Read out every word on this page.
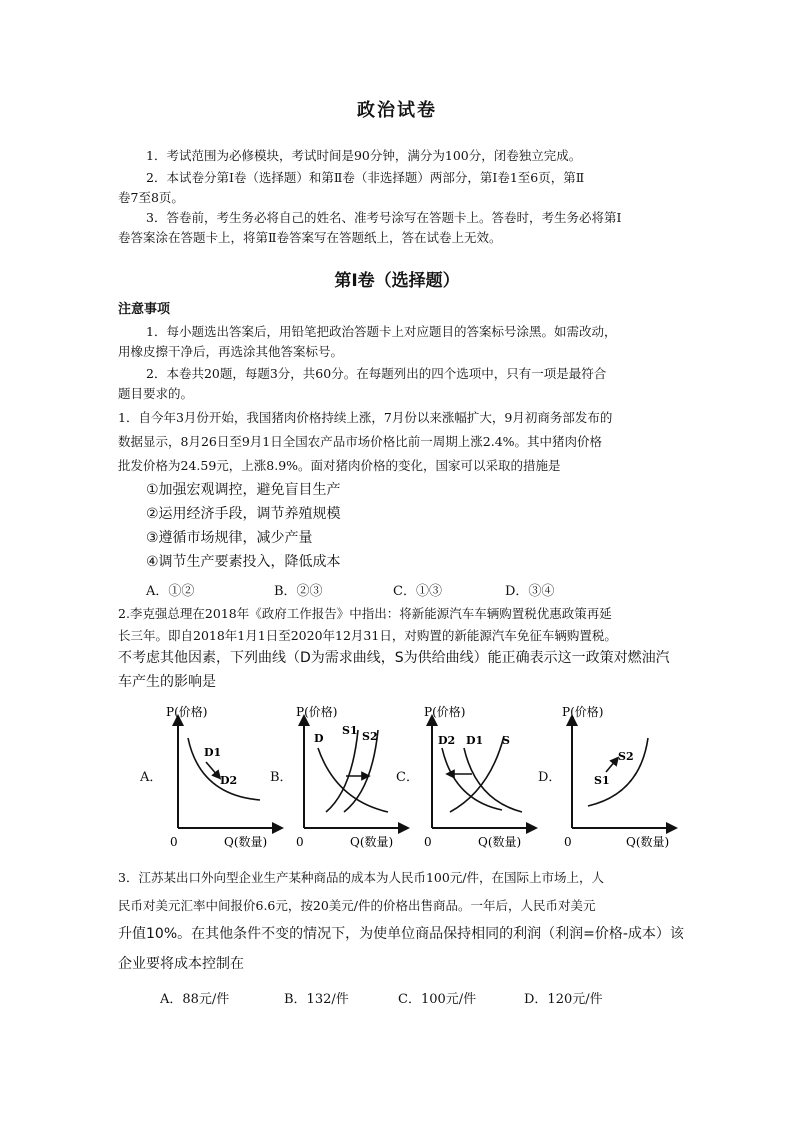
政治试卷
1．考试范围为必修模块，考试时间是90分钟，满分为100分，闭卷独立完成。
2．本试卷分第Ⅰ卷（选择题）和第Ⅱ卷（非选择题）两部分，第Ⅰ卷1至6页，第Ⅱ
卷7至8页。
3．答卷前，考生务必将自己的姓名、准考号涂写在答题卡上。答卷时，考生务必将第Ⅰ
卷答案涂在答题卡上，将第Ⅱ卷答案写在答题纸上，答在试卷上无效。
第Ⅰ卷（选择题）
注意事项
1．每小题选出答案后，用铅笔把政治答题卡上对应题目的答案标号涂黑。如需改动，
用橡皮擦干净后，再选涂其他答案标号。
2．本卷共20题，每题3分，共60分。在每题列出的四个选项中，只有一项是最符合
题目要求的。
1．自今年3月份开始，我国猪肉价格持续上涨，7月份以来涨幅扩大，9月初商务部发布的
数据显示，8月26日至9月1日全国农产品市场价格比前一周期上涨2.4%。其中猪肉价格
批发价格为24.59元，上涨8.9%。面对猪肉价格的变化，国家可以采取的措施是
①加强宏观调控，避免盲目生产
②运用经济手段，调节养殖规模
③遵循市场规律，减少产量
④调节生产要素投入，降低成本
A．①②	B．②③	C．①③	D．③④
2.李克强总理在2018年《政府工作报告》中指出：将新能源汽车车辆购置税优惠政策再延
长三年。即自2018年1月1日至2020年12月31日，对购置的新能源汽车免征车辆购置税。
不考虑其他因素，下列曲线（D为需求曲线，S为供给曲线）能正确表示这一政策对燃油汽
车产生的影响是
A．
P(价格)
Q(数量)
0
D1
D2	B．
P(价格)
Q(数量)
0
D
S1 S2
C．
P(价格)
Q(数量)
0
D2 D1 S
D．
P(价格)
Q(数量)
0
S1
S2
3．江苏某出口外向型企业生产某种商品的成本为人民币100元/件，在国际上市场上，人
民币对美元汇率中间报价6.6元，按20美元/件的价格出售商品。一年后，人民币对美元
升值10%。在其他条件不变的情况下，为使单位商品保持相同的利润（利润=价格-成本）该
企业要将成本控制在
A．88元/件	B．132/件	C．100元/件	D．120元/件
